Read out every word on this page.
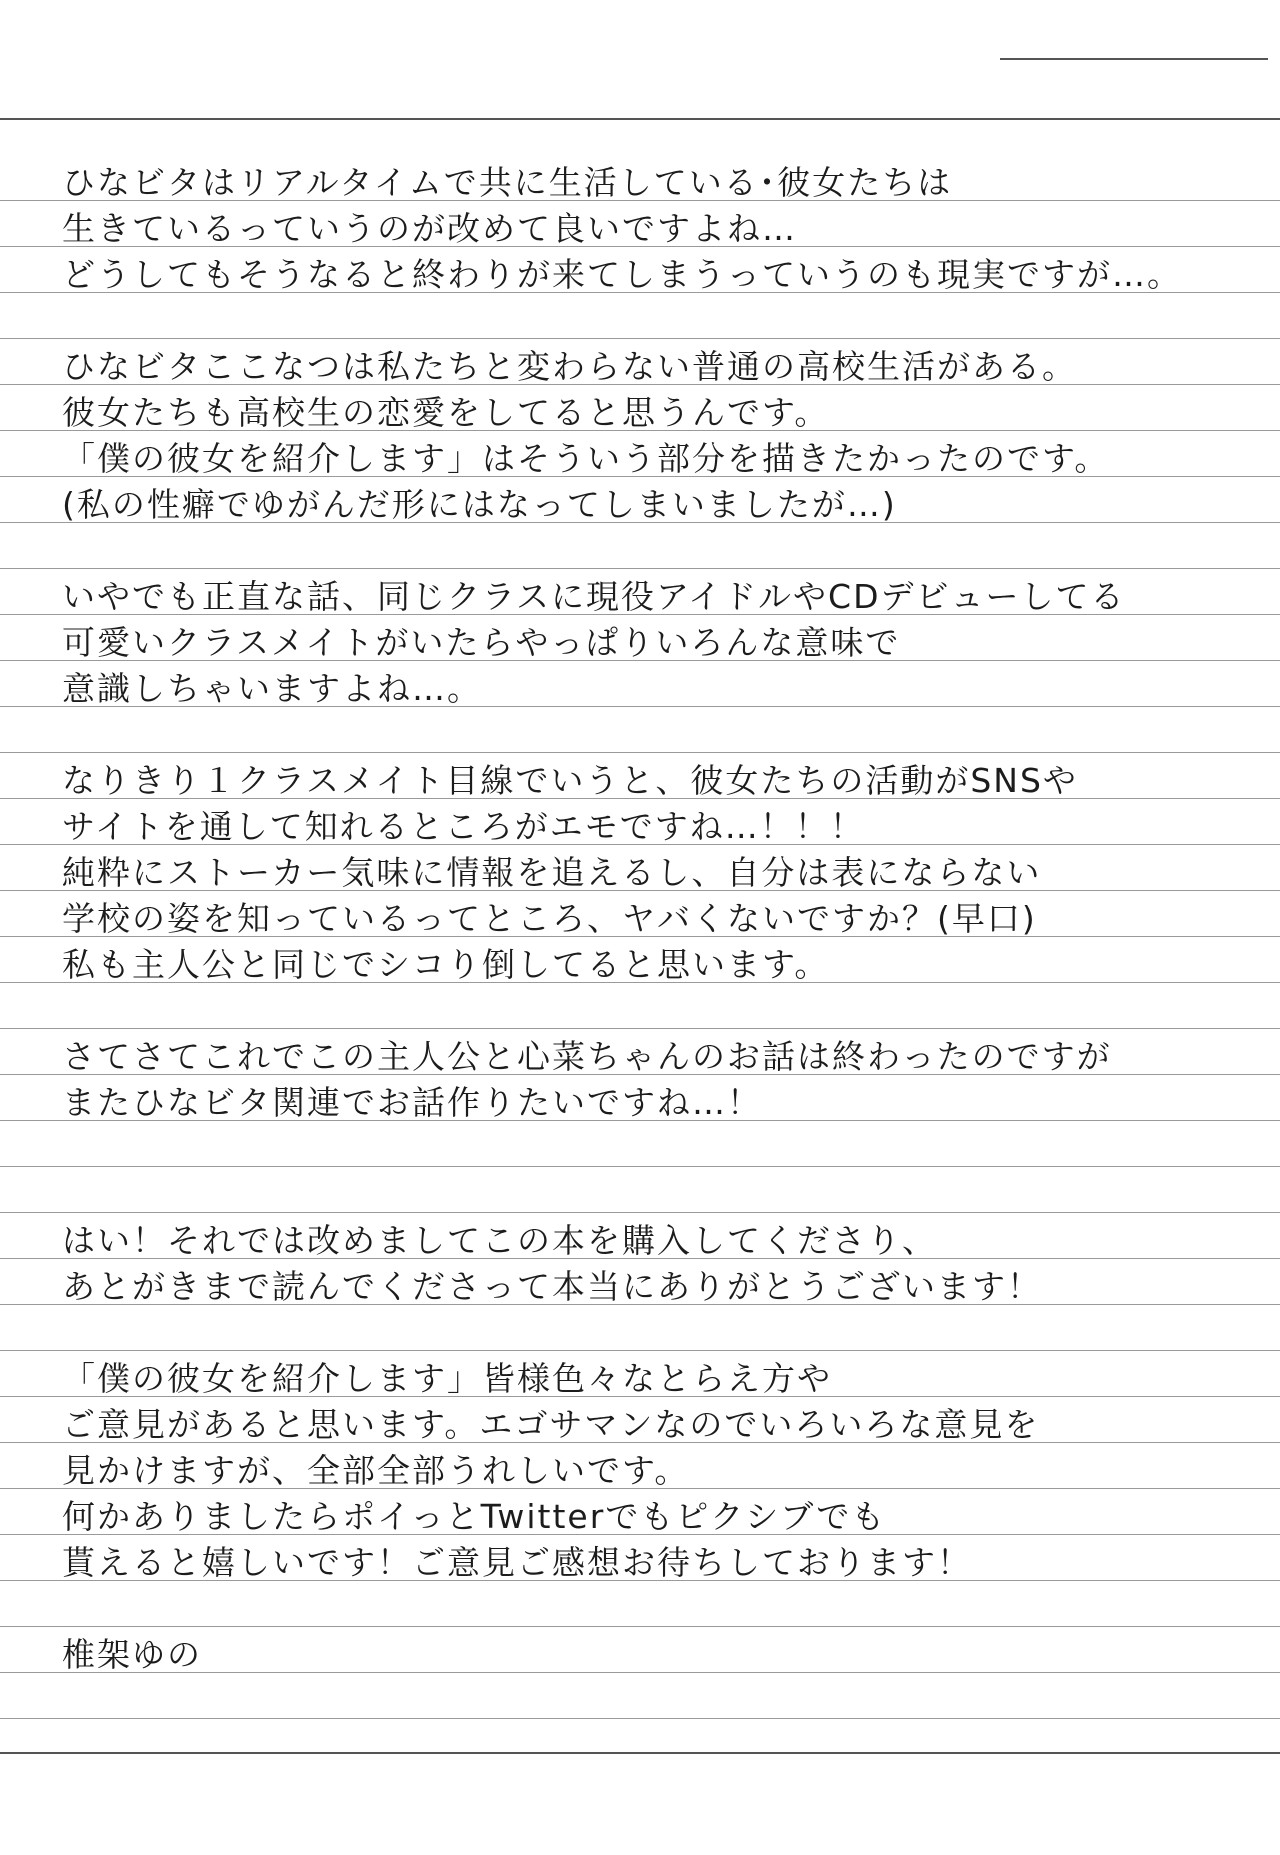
ひなビタはリアルタイムで共に生活している･彼女たちは
生きているっていうのが改めて良いですよね…
どうしてもそうなると終わりが来てしまうっていうのも現実ですが…。
ひなビタここなつは私たちと変わらない普通の高校生活がある。
彼女たちも高校生の恋愛をしてると思うんです。
「僕の彼女を紹介します」はそういう部分を描きたかったのです。
(私の性癖でゆがんだ形にはなってしまいましたが…)
いやでも正直な話、同じクラスに現役アイドルやCDデビューしてる
可愛いクラスメイトがいたらやっぱりいろんな意味で
意識しちゃいますよね…。
なりきり１クラスメイト目線でいうと、彼女たちの活動がSNSや
サイトを通して知れるところがエモですね…！！！
純粋にストーカー気味に情報を追えるし、自分は表にならない
学校の姿を知っているってところ、ヤバくないですか？(早口)
私も主人公と同じでシコり倒してると思います。
さてさてこれでこの主人公と心菜ちゃんのお話は終わったのですが
またひなビタ関連でお話作りたいですね…！
はい！それでは改めましてこの本を購入してくださり、
あとがきまで読んでくださって本当にありがとうございます！
「僕の彼女を紹介します」皆様色々なとらえ方や
ご意見があると思います。エゴサマンなのでいろいろな意見を
見かけますが、全部全部うれしいです。
何かありましたらポイっとTwitterでもピクシブでも
貰えると嬉しいです！ご意見ご感想お待ちしております！
椎架ゆの
